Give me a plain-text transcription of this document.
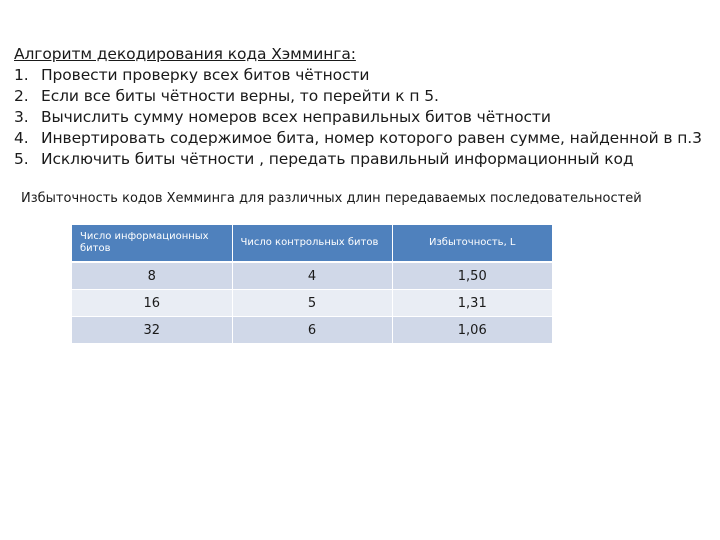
Алгоритм декодирования кода Хэмминга:

1. Провести проверку всех битов чётности
2. Если все биты чётности верны, то перейти к п 5.
3. Вычислить сумму номеров всех неправильных битов чётности
4. Инвертировать содержимое бита, номер которого равен сумме, найденной в п.3
5. Исключить биты чётности , передать правильный информационный код
Избыточность кодов Хемминга для различных длин передаваемых последовательностей
Число информационных битов	Число контрольных битов	Избыточность, L
8	4	1,50
16	5	1,31
32	6	1,06
